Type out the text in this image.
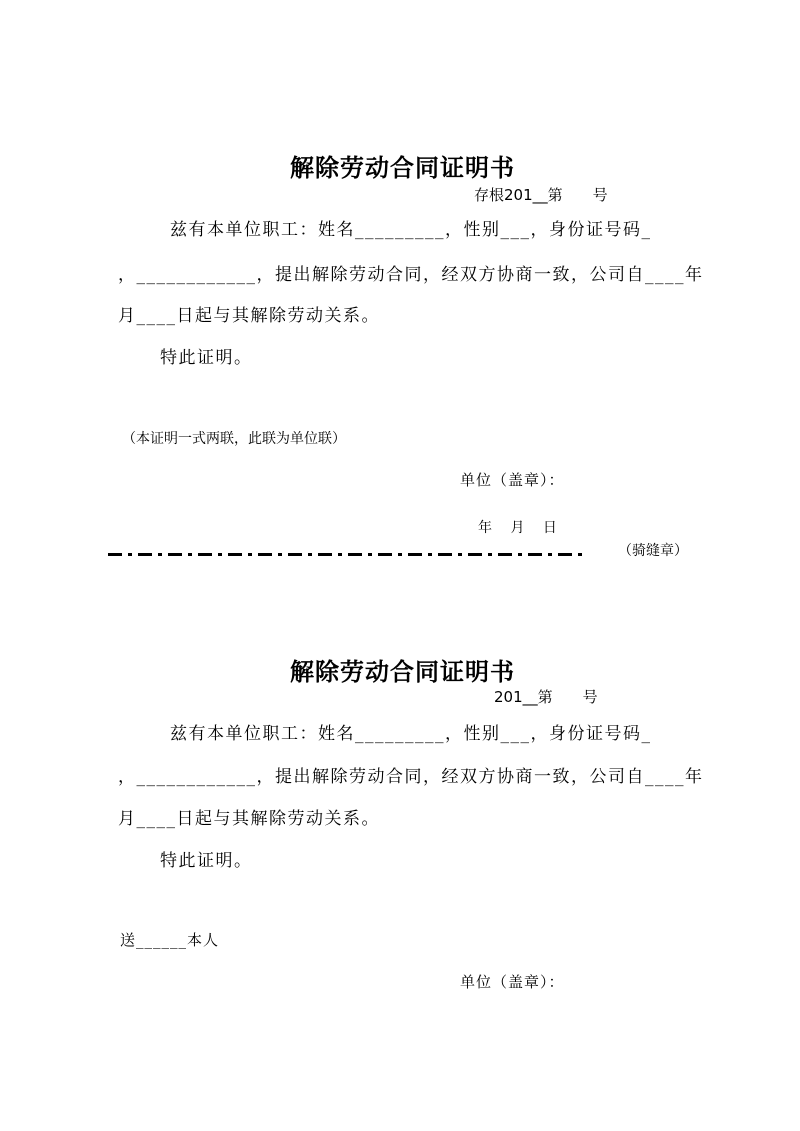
解除劳动合同证明书
存根201__第　　号
兹有本单位职工：姓名_________，性别___，身份证号码_
，____________，提出解除劳动合同，经双方协商一致，公司自____年
月____日起与其解除劳动关系。
特此证明。
（本证明一式两联，此联为单位联）
单位（盖章）：
年　 月　 日
（骑缝章）
解除劳动合同证明书
201__第　　号
兹有本单位职工：姓名_________，性别___，身份证号码_
，____________，提出解除劳动合同，经双方协商一致，公司自____年
月____日起与其解除劳动关系。
特此证明。
送______本人
单位（盖章）：
